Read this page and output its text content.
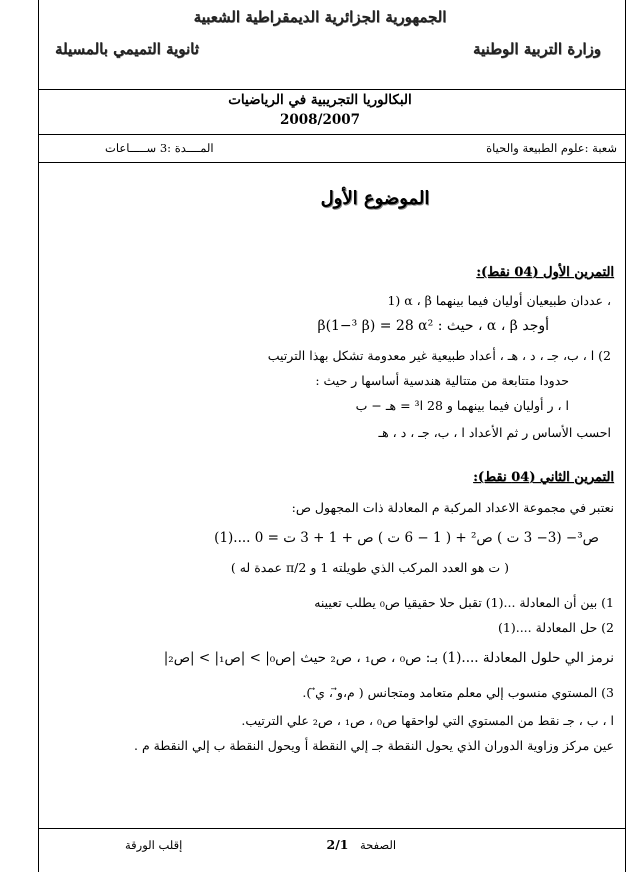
الجمهورية الجزائرية الديمقراطية الشعبية
وزارة التربية الوطنية
ثانوية التميمي بالمسيلة
البكالوريا التجريبية في الرياضيات
2008/2007
شعبة :علوم الطبيعة والحياة
المــــدة :3 ســـــاعات
الموضوع الأول
التمرين الأول (04 نقط):
1) α ، β عددان طبيعيان أوليان فيما بينهما ،
أوجد α ، β ، حيث : β(1−³ β) = 28 α²
2) ا ، ب، جـ ، د ، هـ ، أعداد طبيعية غير معدومة تشكل بهذا الترتيب
حدودا متتابعة من متتالية هندسية أساسها ر حيث :
ا ، ر أوليان فيما بينهما و 28 ا³ = هـ − ب
احسب الأساس ر ثم الأعداد ا ، ب، جـ ، د ، هـ
التمرين الثاني (04 نقط):
نعتبر في مجموعة الاعداد المركبة م المعادلة ذات المجهول ص:
ص³− (3− 3 ت ) ص² + ( 1 − 6 ت ) ص + 1 + 3 ت = 0 ....(1)
( ت هو العدد المركب الذي طويلته 1 و π/2 عمدة له )
1) بين أن المعادلة ...(1) تقبل حلا حقيقيا ص₀ يطلب تعيينه
2) حل المعادلة ....(1)
نرمز الي حلول المعادلة ....(1) بـ: ص₀ ، ص₁ ، ص₂ حيث |ص₀| > |ص₁| > |ص₂|
3) المستوي منسوب إلي معلم متعامد ومتجانس ( م،و⃗ ، ي⃗ ).
ا ، ب ، جـ نقط من المستوي التي لواحقها ص₀ ، ص₁ ، ص₂ علي الترتيب.
عين مركز وزاوية الدوران الذي يحول النقطة جـ إلي النقطة أ ويحول النقطة ب إلي النقطة م .
الصفحة
2/1
إقلب الورقة
